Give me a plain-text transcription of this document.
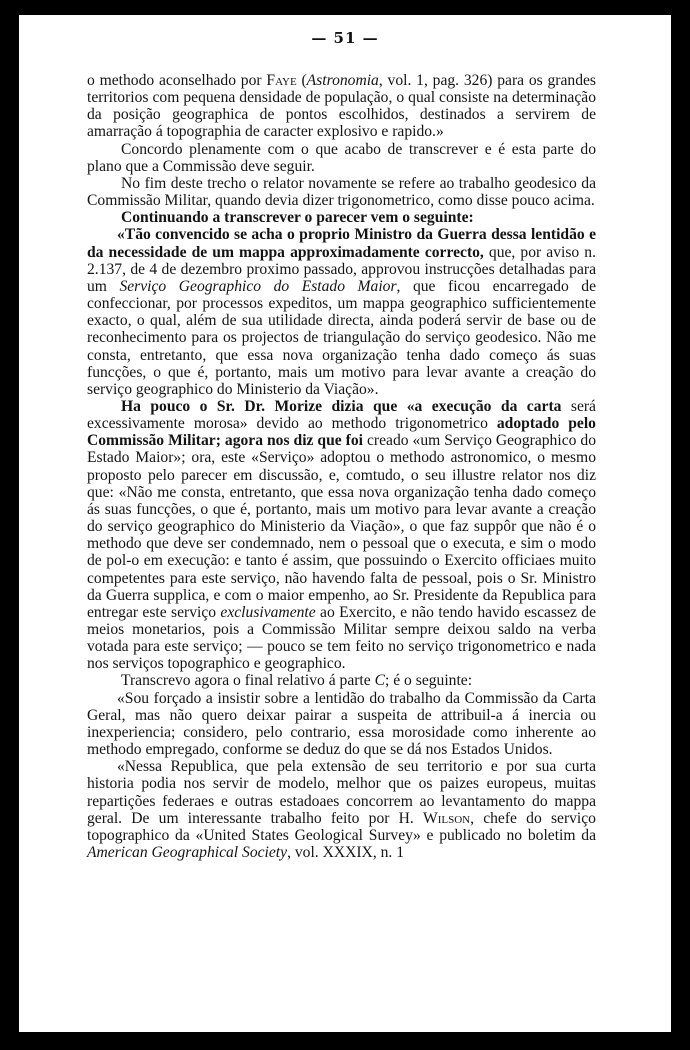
— 51 —

o methodo aconselhado por Faye (Astronomia, vol. 1, pag. 326) para os grandes territorios com pequena densidade de população, o qual consiste na determinação da posição geographica de pontos escolhidos, destinados a servirem de amarração á topographia de caracter explosivo e rapido.»

Concordo plenamente com o que acabo de transcrever e é esta parte do plano que a Commissão deve seguir.

No fim deste trecho o relator novamente se refere ao trabalho geodesico da Commissão Militar, quando devia dizer trigonometrico, como disse pouco acima.

Continuando a transcrever o parecer vem o seguinte:

«Tão convencido se acha o proprio Ministro da Guerra dessa lentidão e da necessidade de um mappa approximadamente correcto, que, por aviso n. 2.137, de 4 de dezembro proximo passado, approvou instrucções detalhadas para um Serviço Geographico do Estado Maior, que ficou encarregado de confeccionar, por processos expeditos, um mappa geographico sufficientemente exacto, o qual, além de sua utilidade directa, ainda poderá servir de base ou de reconhecimento para os projectos de triangulação do serviço geodesico. Não me consta, entretanto, que essa nova organização tenha dado começo ás suas funcções, o que é, portanto, mais um motivo para levar avante a creação do serviço geographico do Ministerio da Viação».

Ha pouco o Sr. Dr. Morize dizia que «a execução da carta será excessivamente morosa» devido ao methodo trigonometrico adoptado pelo Commissão Militar; agora nos diz que foi creado «um Serviço Geographico do Estado Maior»; ora, este «Serviço» adoptou o methodo astronomico, o mesmo proposto pelo parecer em discussão, e, comtudo, o seu illustre relator nos diz que: «Não me consta, entretanto, que essa nova organização tenha dado começo ás suas funcções, o que é, portanto, mais um motivo para levar avante a creação do serviço geographico do Ministerio da Viação», o que faz suppôr que não é o methodo que deve ser condemnado, nem o pessoal que o executa, e sim o modo de pol-o em execução: e tanto é assim, que possuindo o Exercito officiaes muito competentes para este serviço, não havendo falta de pessoal, pois o Sr. Ministro da Guerra supplica, e com o maior empenho, ao Sr. Presidente da Republica para entregar este serviço exclusivamente ao Exercito, e não tendo havido escassez de meios monetarios, pois a Commissão Militar sempre deixou saldo na verba votada para este serviço; — pouco se tem feito no serviço trigonometrico e nada nos serviços topographico e geographico.

Transcrevo agora o final relativo á parte C; é o seguinte:

«Sou forçado a insistir sobre a lentidão do trabalho da Commissão da Carta Geral, mas não quero deixar pairar a suspeita de attribuil-a á inercia ou inexperiencia; considero, pelo contrario, essa morosidade como inherente ao methodo empregado, conforme se deduz do que se dá nos Estados Unidos.

«Nessa Republica, que pela extensão de seu territorio e por sua curta historia podia nos servir de modelo, melhor que os paizes europeus, muitas repartições federaes e outras estadoaes concorrem ao levantamento do mappa geral. De um interessante trabalho feito por H. Wilson, chefe do serviço topographico da «United States Geological Survey» e publicado no boletim da American Geographical Society, vol. XXXIX, n. 1
